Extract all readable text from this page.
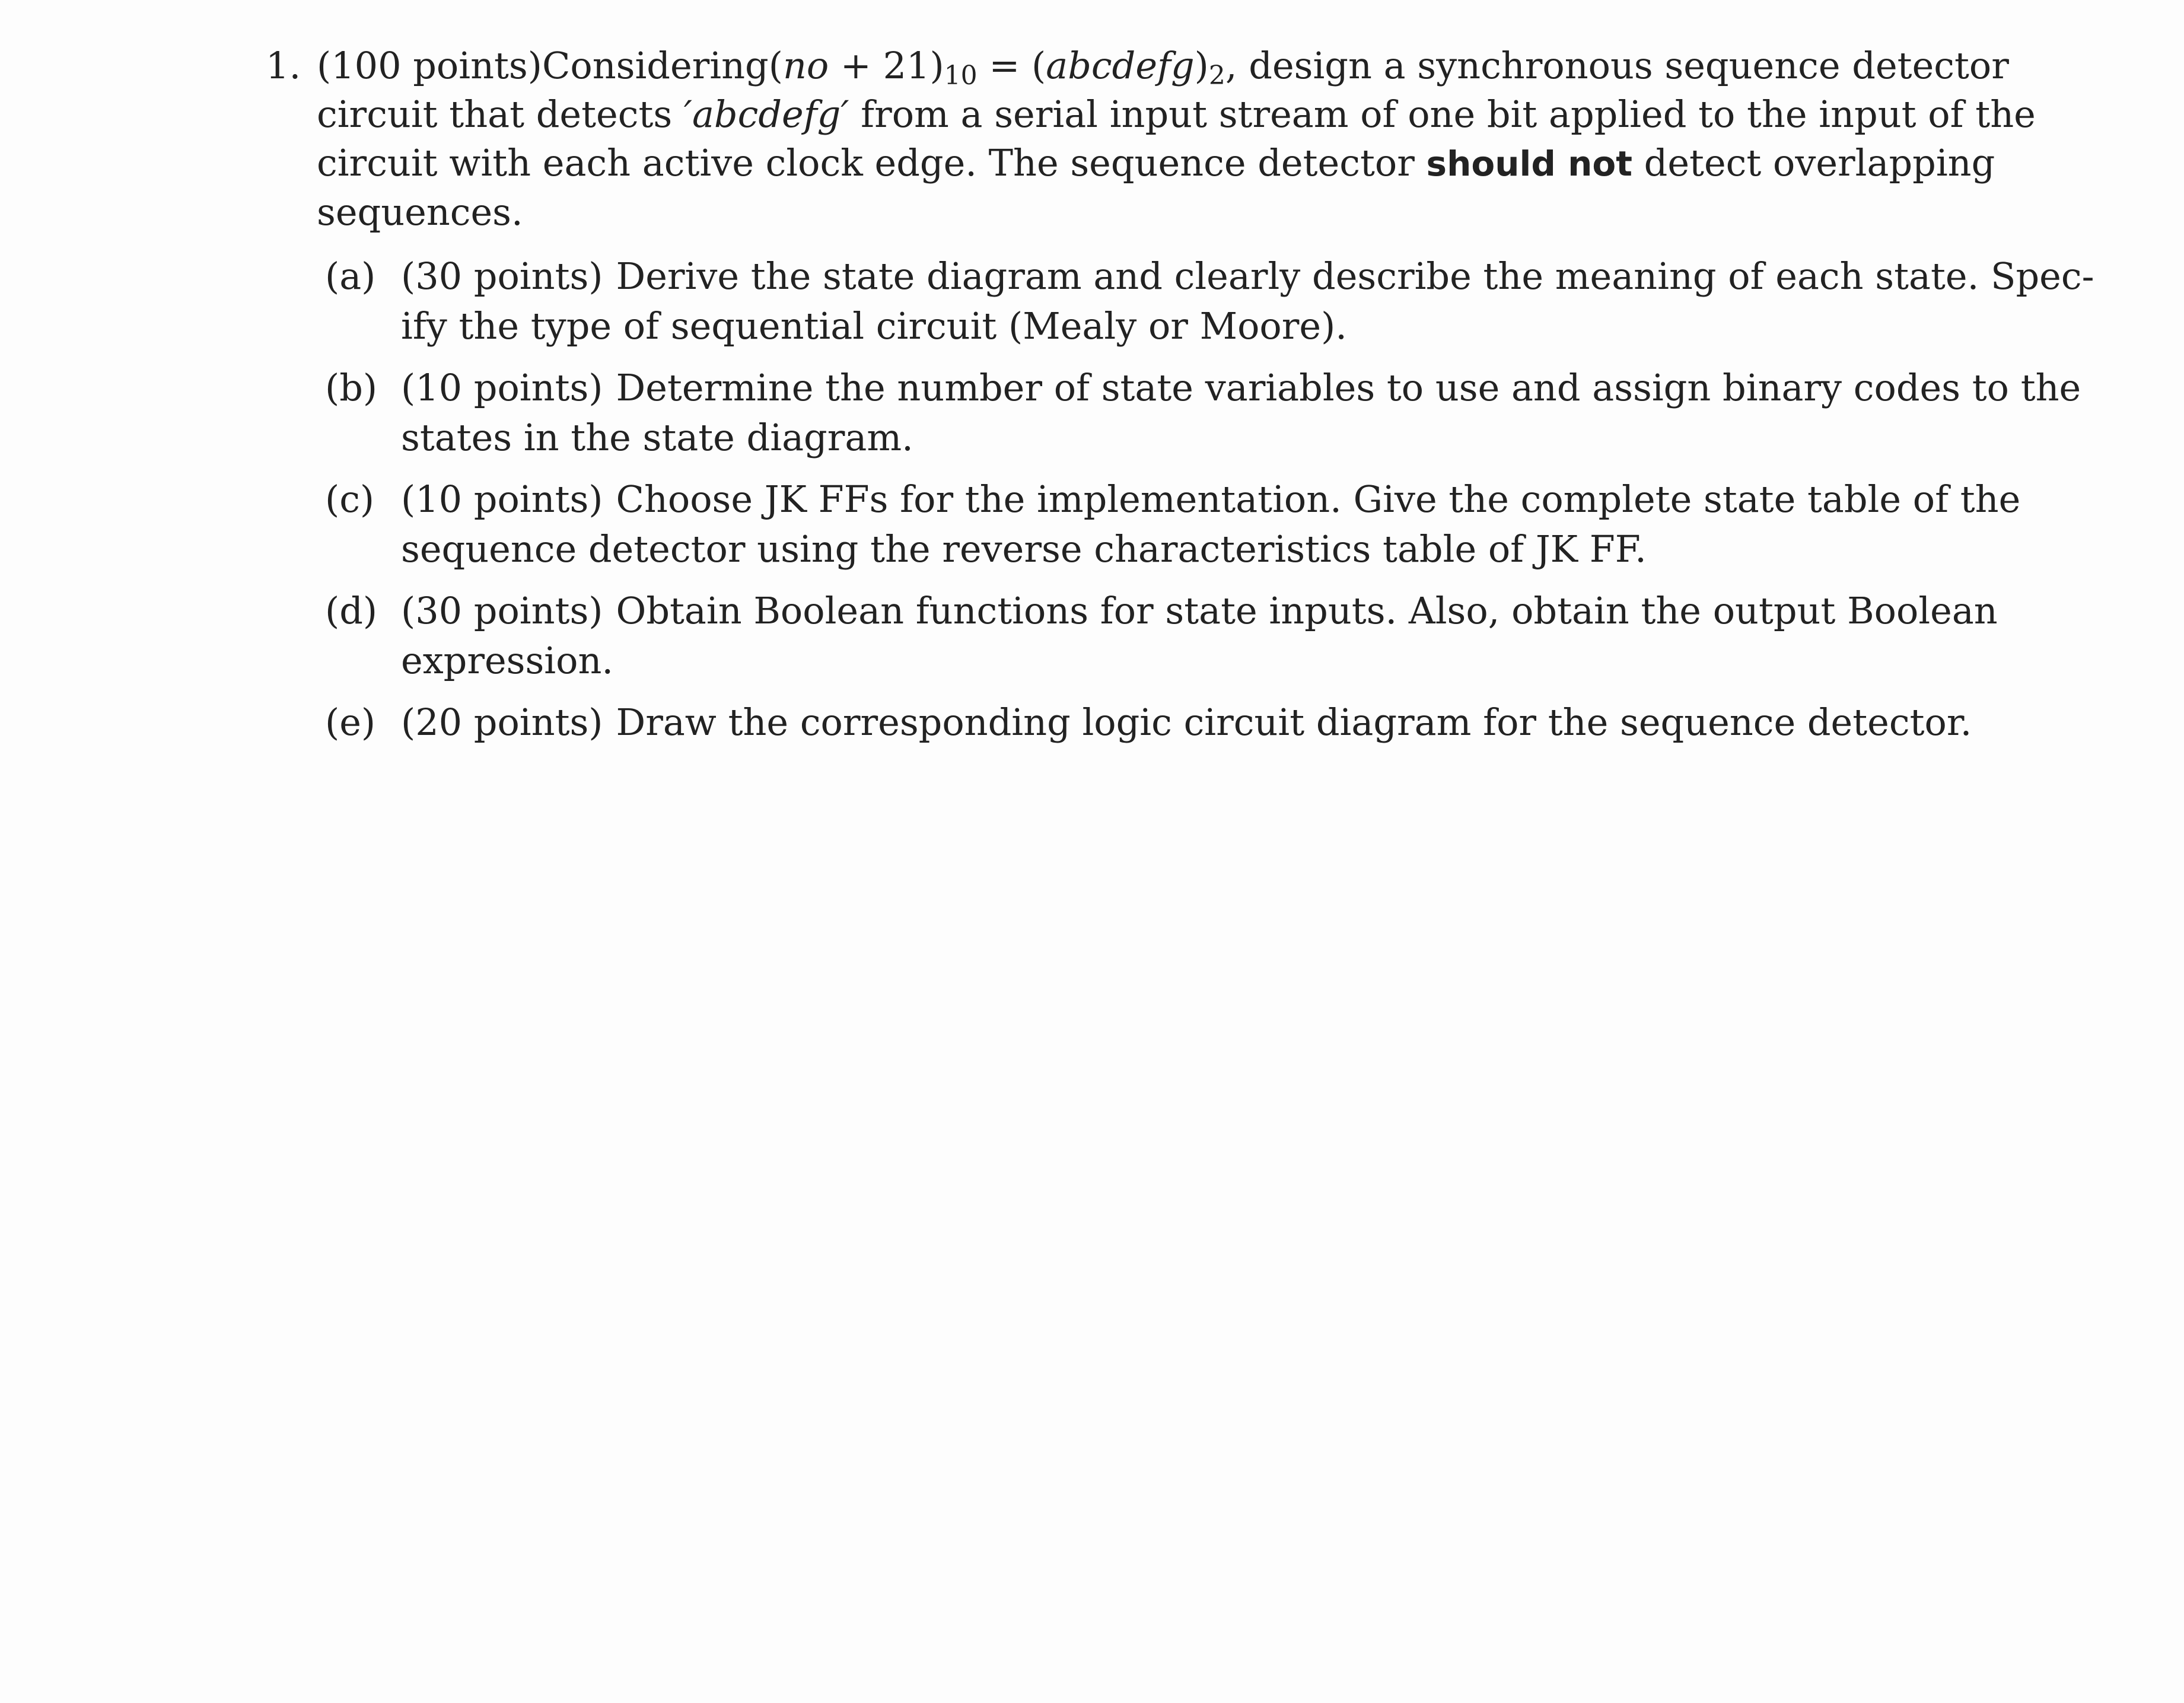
1. (100 points) Considering $(no + 21)_{10}$ = $(abcdefg)_2$ , design a synchronous sequence detector
circuit that detects ′abcdefg′ from a serial input stream of one bit applied to the input of the
circuit with each active clock edge. The sequence detector should not detect overlapping
sequences.
(a) (30 points) Derive the state diagram and clearly describe the meaning of each state. Spec-
ify the type of sequential circuit (Mealy or Moore).
(b) (10 points) Determine the number of state variables to use and assign binary codes to the
states in the state diagram.
(c) (10 points) Choose JK FFs for the implementation. Give the complete state table of the
sequence detector using the reverse characteristics table of JK FF.
(d) (30 points) Obtain Boolean functions for state inputs. Also, obtain the output Boolean
expression.
(e) (20 points) Draw the corresponding logic circuit diagram for the sequence detector.
